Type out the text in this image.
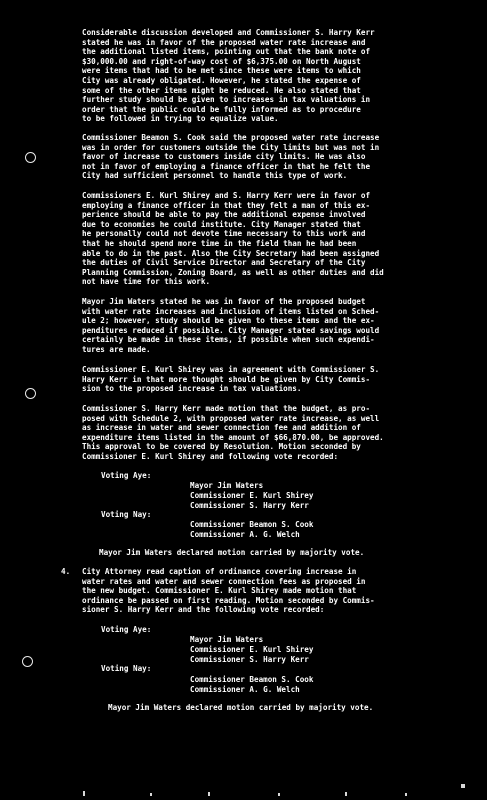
Considerable discussion developed and Commissioner S. Harry Kerr
stated he was in favor of the proposed water rate increase and
the additional listed items, pointing out that the bank note of
$30,000.00 and right-of-way cost of $6,375.00 on North August
were items that had to be met since these were items to which
City was already obligated. However, he stated the expense of
some of the other items might be reduced. He also stated that
further study should be given to increases in tax valuations in
order that the public could be fully informed as to procedure
to be followed in trying to equalize value.

Commissioner Beamon S. Cook said the proposed water rate increase
was in order for customers outside the City limits but was not in
favor of increase to customers inside city limits. He was also
not in favor of employing a finance officer in that he felt the
City had sufficient personnel to handle this type of work.

Commissioners E. Kurl Shirey and S. Harry Kerr were in favor of
employing a finance officer in that they felt a man of this ex-
perience should be able to pay the additional expense involved
due to economies he could institute. City Manager stated that
he personally could not devote time necessary to this work and
that he should spend more time in the field than he had been
able to do in the past. Also the City Secretary had been assigned
the duties of Civil Service Director and Secretary of the City
Planning Commission, Zoning Board, as well as other duties and did
not have time for this work.

Mayor Jim Waters stated he was in favor of the proposed budget
with water rate increases and inclusion of items listed on Sched-
ule 2; however, study should be given to these items and the ex-
penditures reduced if possible. City Manager stated savings would
certainly be made in these items, if possible when such expendi-
tures are made.

Commissioner E. Kurl Shirey was in agreement with Commissioner S.
Harry Kerr in that more thought should be given by City Commis-
sion to the proposed increase in tax valuations.

Commissioner S. Harry Kerr made motion that the budget, as pro-
posed with Schedule 2, with proposed water rate increase, as well
as increase in water and sewer connection fee and addition of
expenditure items listed in the amount of $66,870.00, be approved.
This approval to be covered by Resolution. Motion seconded by
Commissioner E. Kurl Shirey and following vote recorded:

Voting Aye:
Mayor Jim Waters
Commissioner E. Kurl Shirey
Commissioner S. Harry Kerr
Voting Nay:
Commissioner Beamon S. Cook
Commissioner A. G. Welch

Mayor Jim Waters declared motion carried by majority vote.

4. City Attorney read caption of ordinance covering increase in
water rates and water and sewer connection fees as proposed in
the new budget. Commissioner E. Kurl Shirey made motion that
ordinance be passed on first reading. Motion seconded by Commis-
sioner S. Harry Kerr and the following vote recorded:

Voting Aye:
Mayor Jim Waters
Commissioner E. Kurl Shirey
Commissioner S. Harry Kerr
Voting Nay:
Commissioner Beamon S. Cook
Commissioner A. G. Welch

Mayor Jim Waters declared motion carried by majority vote.
